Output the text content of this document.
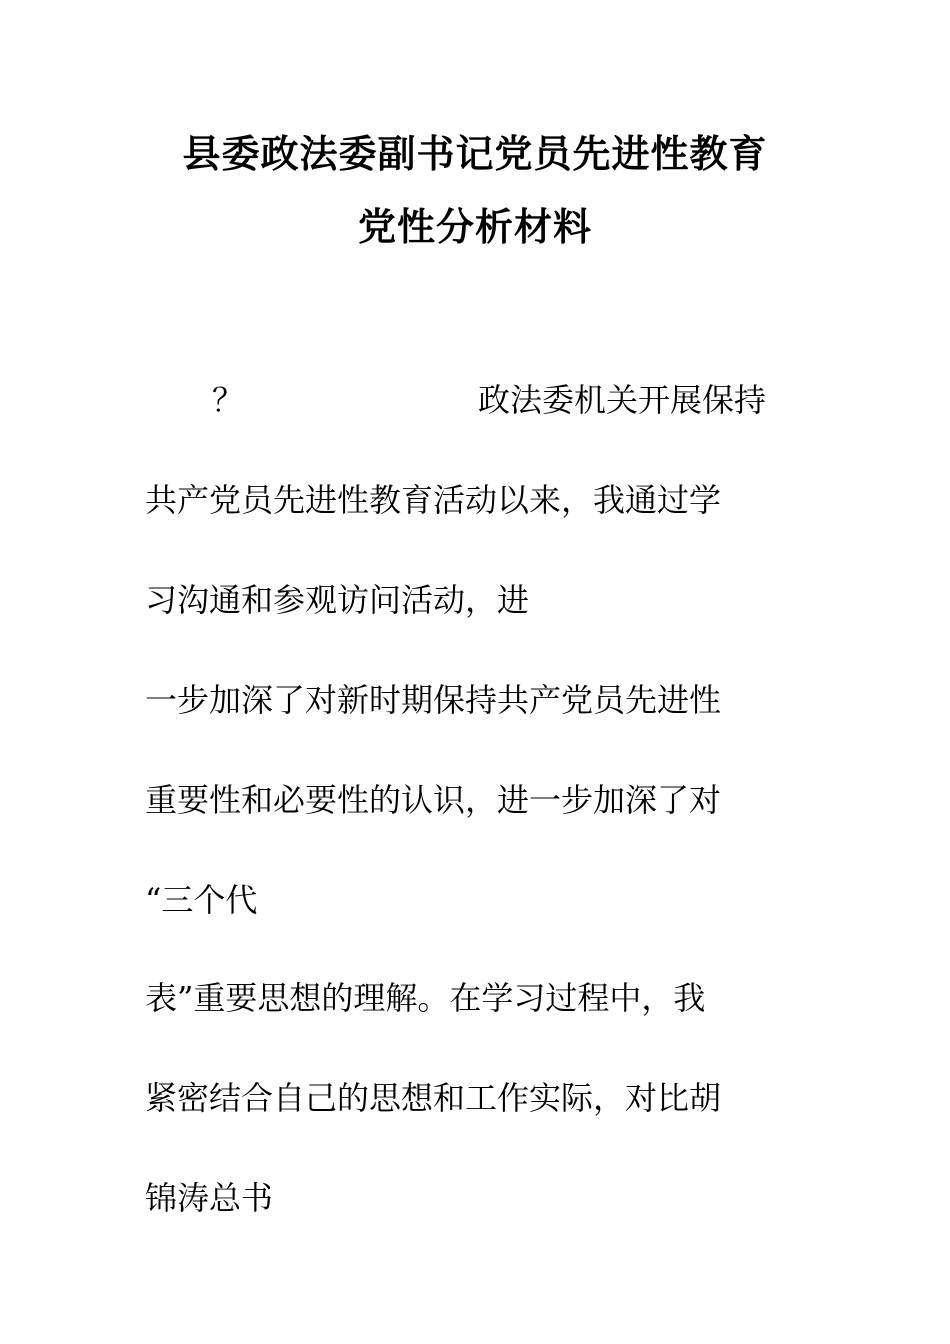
县委政法委副书记党员先进性教育
党性分析材料
？	政法委机关开展保持

共产党员先进性教育活动以来，我通过学

习沟通和参观访问活动，进

一步加深了对新时期保持共产党员先进性

重要性和必要性的认识，进一步加深了对

“三个代

表”重要思想的理解。在学习过程中，我

紧密结合自己的思想和工作实际，对比胡

锦涛总书
